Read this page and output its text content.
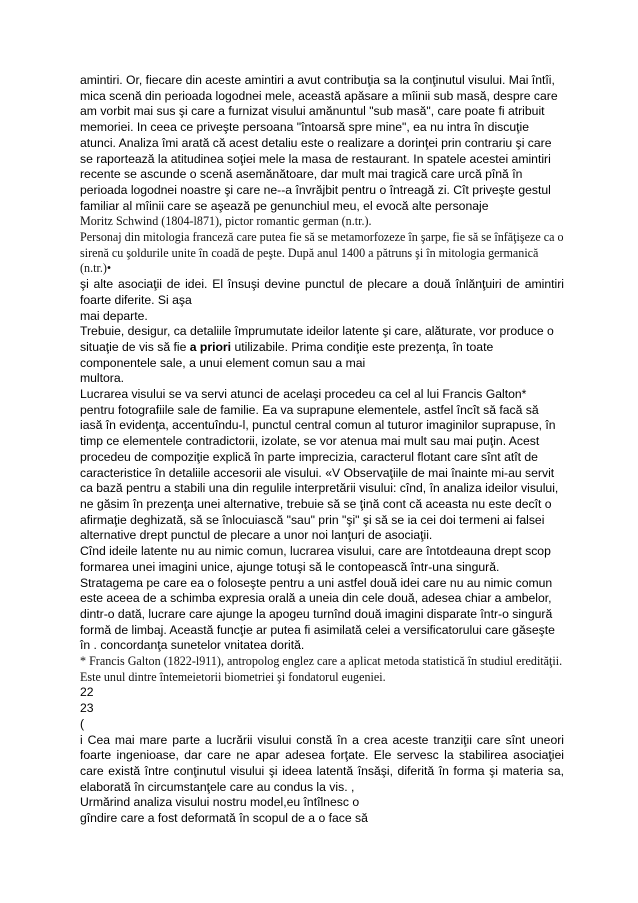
amintiri. Or, fiecare din aceste amintiri a avut contribuţia sa la conţinutul visului. Mai întîi, mica scenă din perioada logodnei mele, această apăsare a mîinii sub masă, despre care am vorbit mai sus şi care a furnizat visului amănuntul "sub masă", care poate fi atribuit memoriei. In ceea ce priveşte persoana "întoarsă spre mine", ea nu intra în discuţie atunci. Analiza îmi arată că acest detaliu este o realizare a dorinţei prin contrariu şi care se raportează la atitudinea soţiei mele la masa de restaurant. In spatele acestei amintiri recente se ascunde o scenă asemănătoare, dar mult mai tragică care urcă pînă în perioada logodnei noastre şi care ne--a învrăjbit pentru o întreagă zi. Cît priveşte gestul familiar al mîinii care se aşează pe genunchiul meu, el evocă alte personaje

Moritz Schwind (1804-l871), pictor romantic german (n.tr.).

Personaj din mitologia franceză care putea fie să se metamorfozeze în şarpe, fie să se înfăţişeze ca o sirenă cu şoldurile unite în coadă de peşte. După anul 1400 a pătruns şi în mitologia germanică (n.tr.)•

şi alte asociaţii de idei. El însuşi devine punctul de plecare a două înlănţuiri de amintiri foarte diferite. Si aşa

mai departe.

Trebuie, desigur, ca detaliile împrumutate ideilor latente şi care, alăturate, vor produce o situaţie de vis să fie a priori utilizabile. Prima condiţie este prezenţa, în toate componentele sale, a unui element comun sau a mai

multora.

Lucrarea visului se va servi atunci de acelaşi procedeu ca cel al lui Francis Galton* pentru fotografiile sale de familie. Ea va suprapune elementele, astfel încît să facă să iasă în evidenţa, accentuîndu-l, punctul central comun al tuturor imaginilor suprapuse, în timp ce elementele contradictorii, izolate, se vor atenua mai mult sau mai puţin. Acest procedeu de compoziţie explică în parte imprecizia, caracterul flotant care sînt atît de caracteristice în detaliile accesorii ale visului. «V Observaţiile de mai înainte mi-au servit ca bază pentru a stabili una din regulile interpretării visului: cînd, în analiza ideilor visului, ne găsim în prezenţa unei alternative, trebuie să se ţină cont că aceasta nu este decît o afirmaţie deghizată, să se înlocuiască "sau" prin "şi" şi să se ia cei doi termeni ai falsei alternative drept punctul de plecare a unor noi lanţuri de asociaţii.

Cînd ideile latente nu au nimic comun, lucrarea visului, care are întotdeauna drept scop formarea unei imagini unice, ajunge totuşi să le contopească într-una singură. Stratagema pe care ea o foloseşte pentru a uni astfel două idei care nu au nimic comun este aceea de a schimba expresia orală a uneia din cele două, adesea chiar a ambelor, dintr-o dată, lucrare care ajunge la apogeu turnînd două imagini disparate într-o singură formă de limbaj. Această funcţie ar putea fi asimilată celei a versificatorului care găseşte în . concordanţa sunetelor vnitatea dorită.

* Francis Galton (1822-l911), antropolog englez care a aplicat metoda statistică în studiul eredităţii. Este unul dintre întemeietorii biometriei şi fondatorul eugeniei.

22

23

(

i Cea mai mare parte a lucrării visului constă în a crea aceste tranziţii care sînt uneori foarte ingenioase, dar care ne apar adesea forţate. Ele servesc la stabilirea asociaţiei care există între conţinutul visului şi ideea latentă însăşi, diferită în forma şi materia sa, elaborată în circumstanţele care au condus la vis. ,

Urmărind analiza visului nostru model,eu întîlnesc o

gîndire care a fost deformată în scopul de a o face să
